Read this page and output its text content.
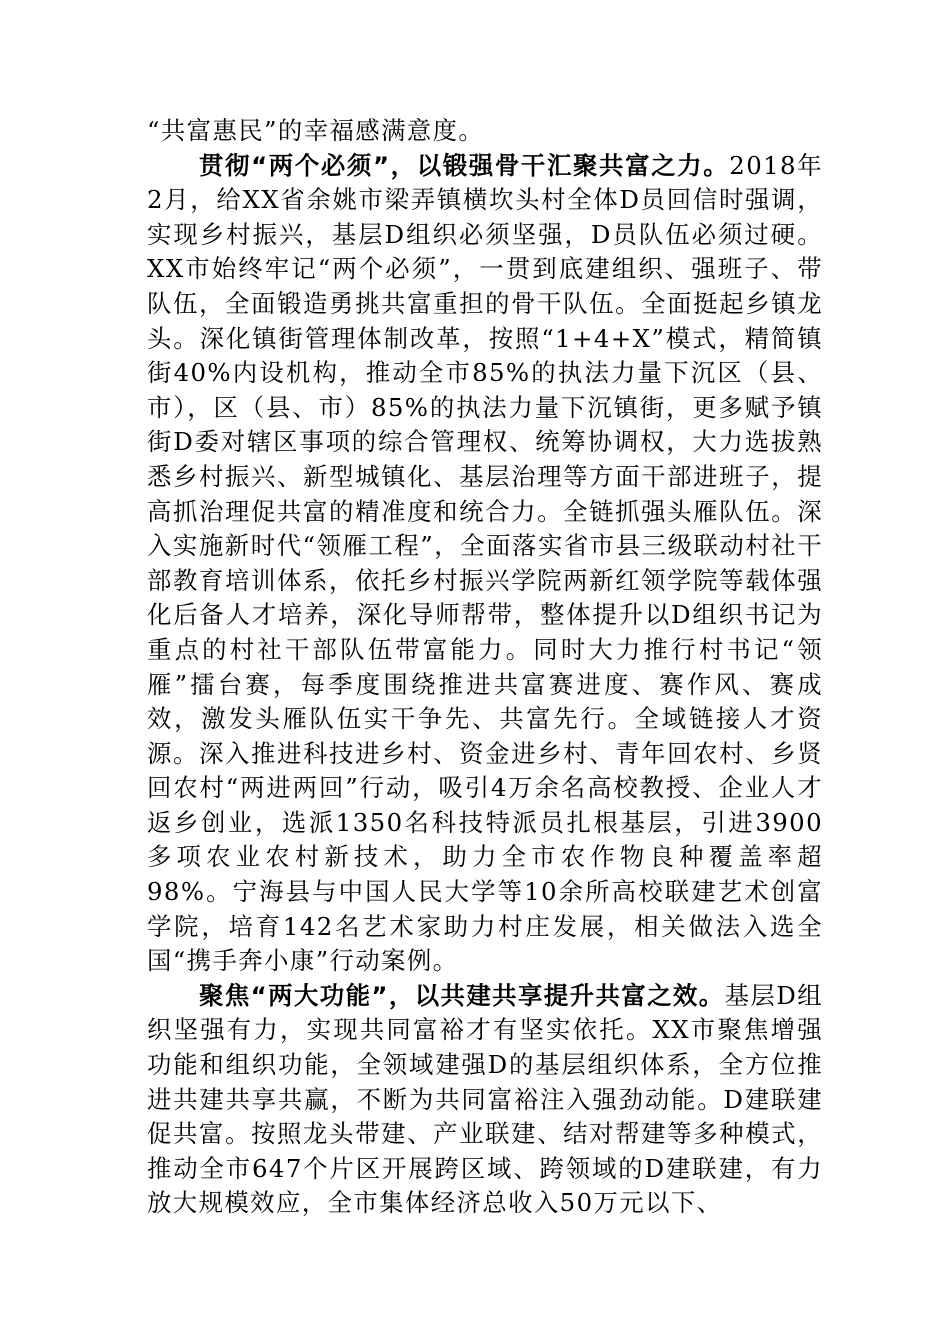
“共富惠民”的幸福感满意度。

贯彻“两个必须”，以锻强骨干汇聚共富之力。2018年2月，给XX省余姚市梁弄镇横坎头村全体D员回信时强调，实现乡村振兴，基层D组织必须坚强，D员队伍必须过硬。XX市始终牢记“两个必须”，一贯到底建组织、强班子、带队伍，全面锻造勇挑共富重担的骨干队伍。全面挺起乡镇龙头。深化镇街管理体制改革，按照“1+4+X”模式，精简镇街40%内设机构，推动全市85%的执法力量下沉区（县、市），区（县、市）85%的执法力量下沉镇街，更多赋予镇街D委对辖区事项的综合管理权、统筹协调权，大力选拔熟悉乡村振兴、新型城镇化、基层治理等方面干部进班子，提高抓治理促共富的精准度和统合力。全链抓强头雁队伍。深入实施新时代“领雁工程”，全面落实省市县三级联动村社干部教育培训体系，依托乡村振兴学院两新红领学院等载体强化后备人才培养，深化导师帮带，整体提升以D组织书记为重点的村社干部队伍带富能力。同时大力推行村书记“领雁”擂台赛，每季度围绕推进共富赛进度、赛作风、赛成效，激发头雁队伍实干争先、共富先行。全域链接人才资源。深入推进科技进乡村、资金进乡村、青年回农村、乡贤回农村“两进两回”行动，吸引4万余名高校教授、企业人才返乡创业，选派1350名科技特派员扎根基层，引进3900多项农业农村新技术，助力全市农作物良种覆盖率超98%。宁海县与中国人民大学等10余所高校联建艺术创富学院，培育142名艺术家助力村庄发展，相关做法入选全国“携手奔小康”行动案例。

聚焦“两大功能”，以共建共享提升共富之效。基层D组织坚强有力，实现共同富裕才有坚实依托。XX市聚焦增强功能和组织功能，全领域建强D的基层组织体系，全方位推进共建共享共赢，不断为共同富裕注入强劲动能。D建联建促共富。按照龙头带建、产业联建、结对帮建等多种模式，推动全市647个片区开展跨区域、跨领域的D建联建，有力放大规模效应，全市集体经济总收入50万元以下、
